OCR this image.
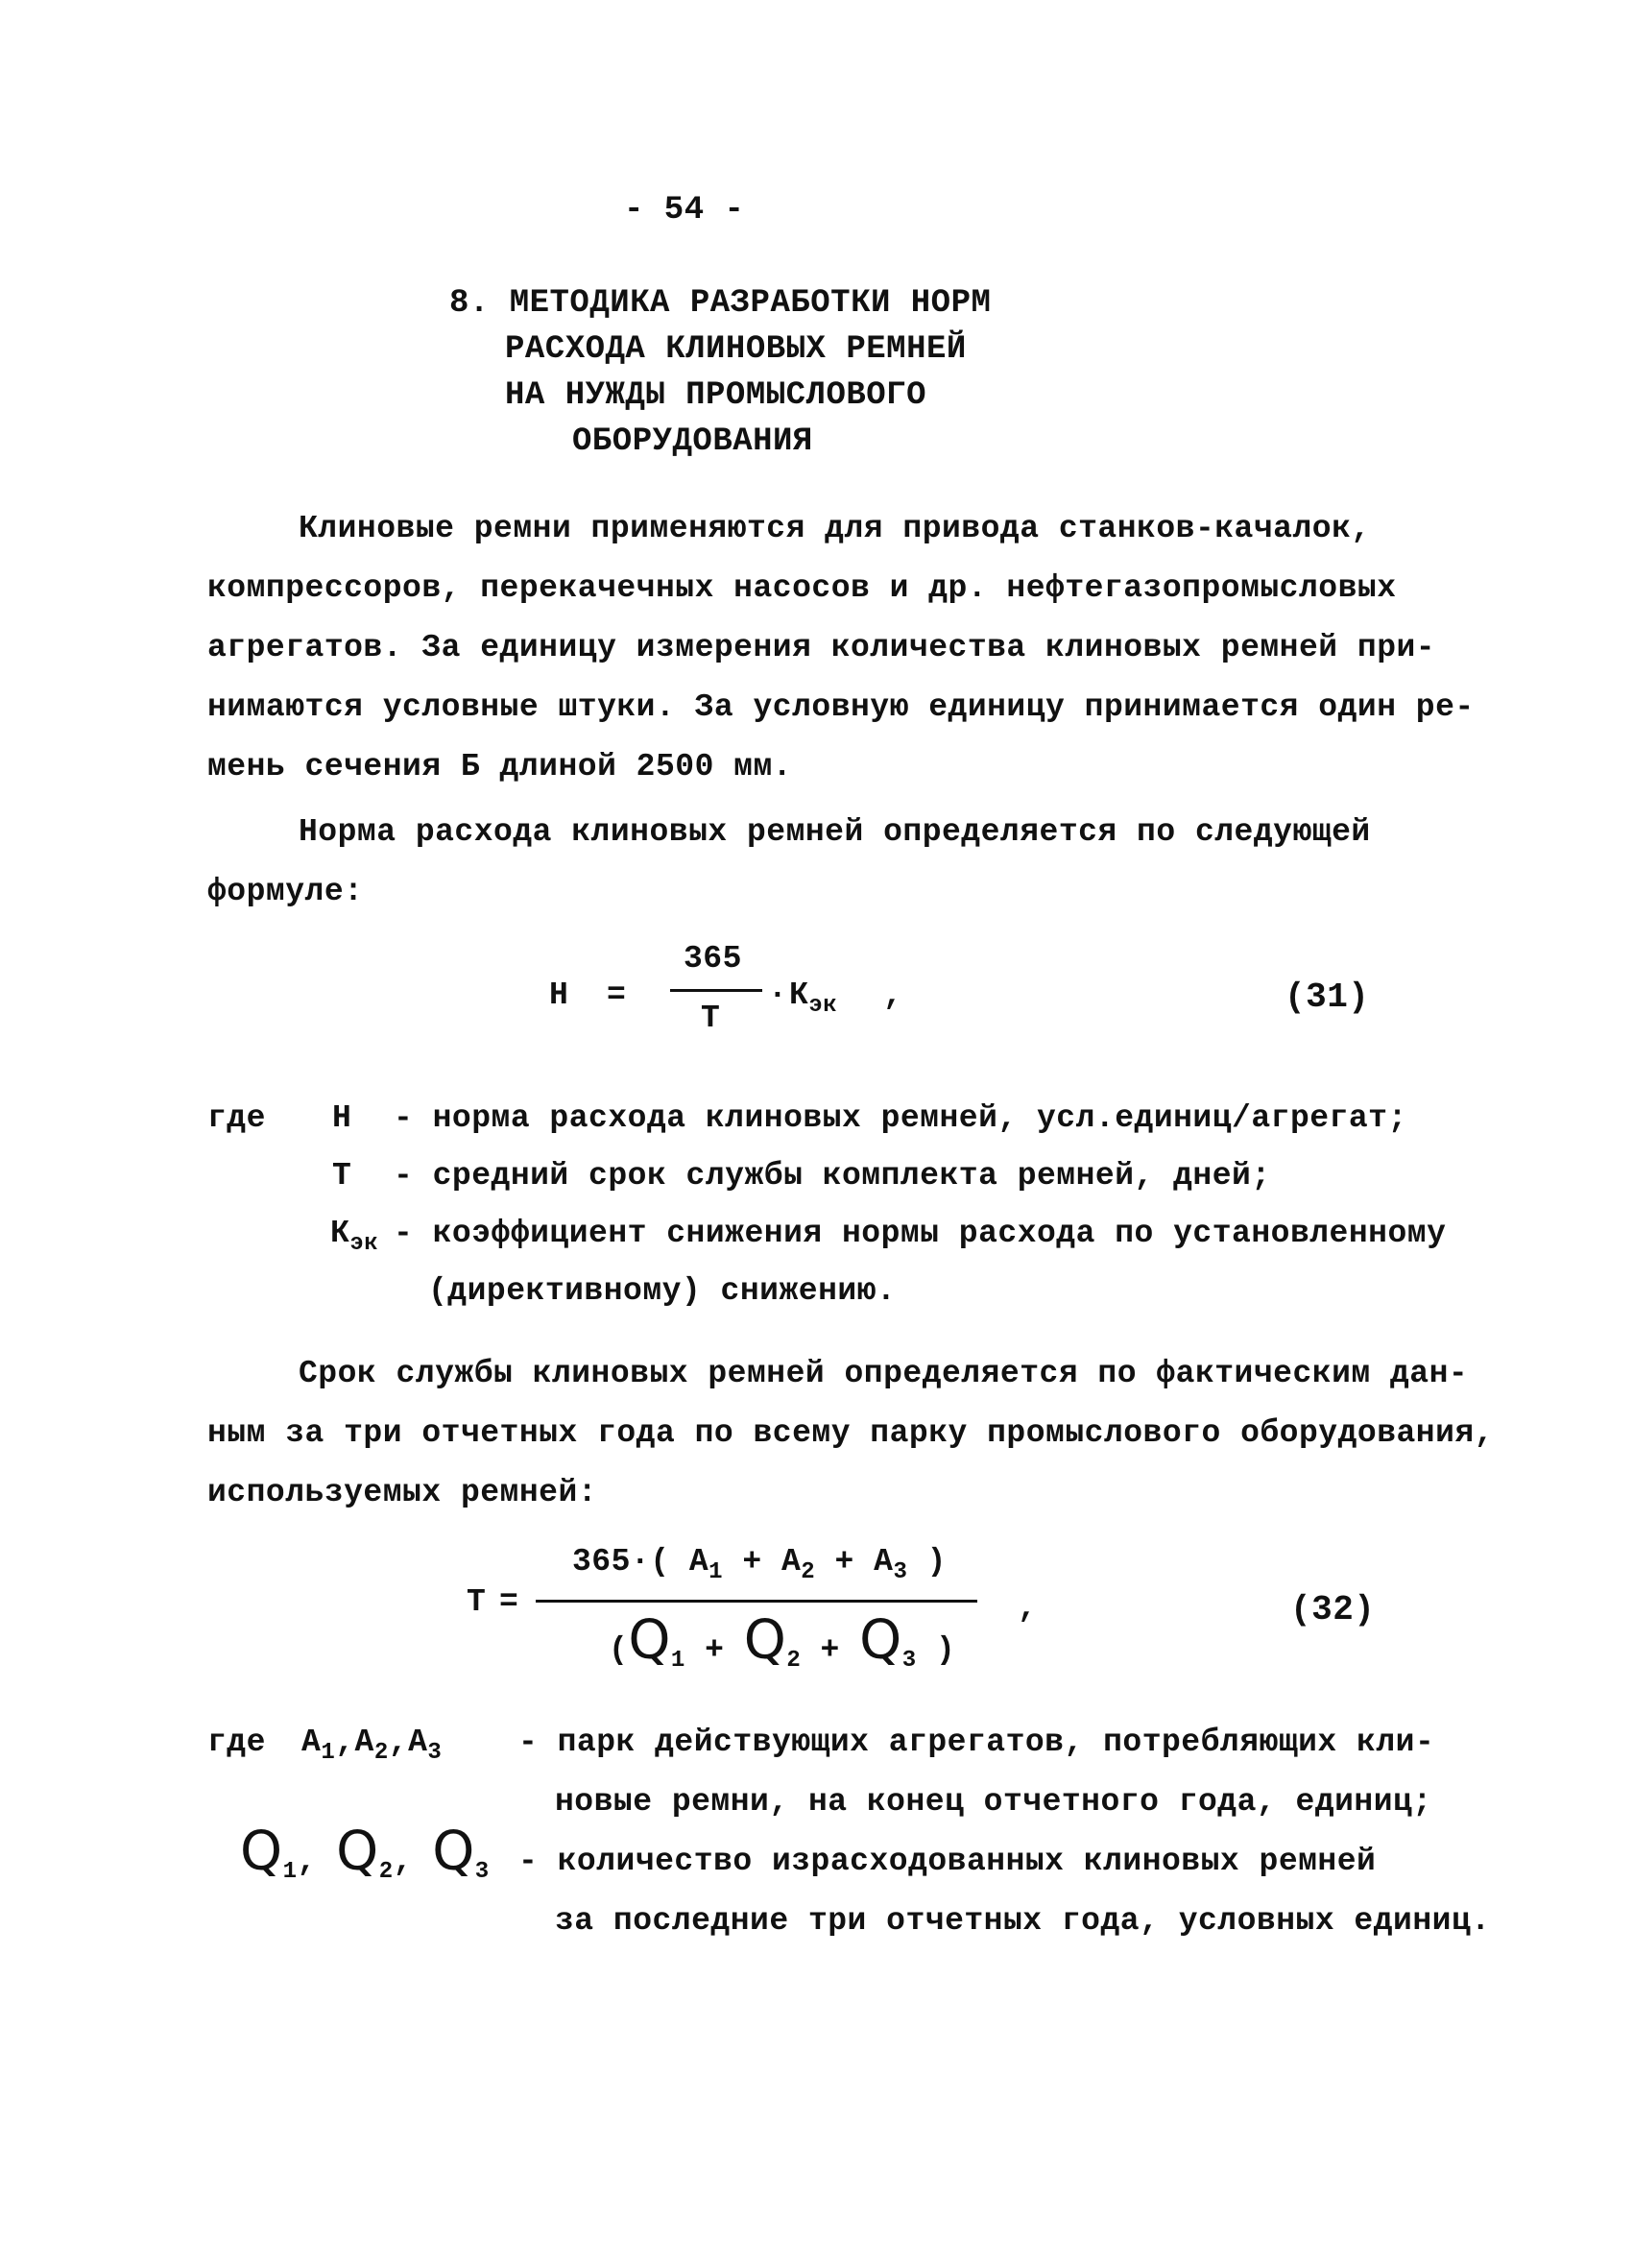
- 54 -
8. МЕТОДИКА РАЗРАБОТКИ НОРМ
РАСХОДА КЛИНОВЫХ РЕМНЕЙ
НА НУЖДЫ ПРОМЫСЛОВОГО
ОБОРУДОВАНИЯ
Клиновые ремни применяются для привода станков-качалок,
компрессоров, перекачечных насосов и др. нефтегазопромысловых
агрегатов. За единицу измерения количества клиновых ремней при-
нимаются условные штуки. За условную единицу принимается один ре-
мень сечения Б длиной 2500 мм.
Норма расхода клиновых ремней определяется по следующей
формуле:
Н =
365
Т
· $К_{эк}$ ,	(31)
где Н - норма расхода клиновых ремней, усл.единиц/агрегат;
Т - средний срок службы комплекта ремней, дней;
$К_{эк}$ - коэффициент снижения нормы расхода по установленному
(директивному) снижению.
Срок службы клиновых ремней определяется по фактическим дан-
ным за три отчетных года по всему парку промыслового оборудования,
используемых ремней:
Т =
365·( $А_1 + А_2 + А_3$ )
($Q_1 + Q_2 + Q_3$ )
,	(32)
где $А_1,А_2,А_3$ - парк действующих агрегатов, потребляющих кли-
новые ремни, на конец отчетного года, единиц;
$Q_1$, $Q_2$, $Q_3$ - количество израсходованных клиновых ремней
за последние три отчетных года, условных единиц.
